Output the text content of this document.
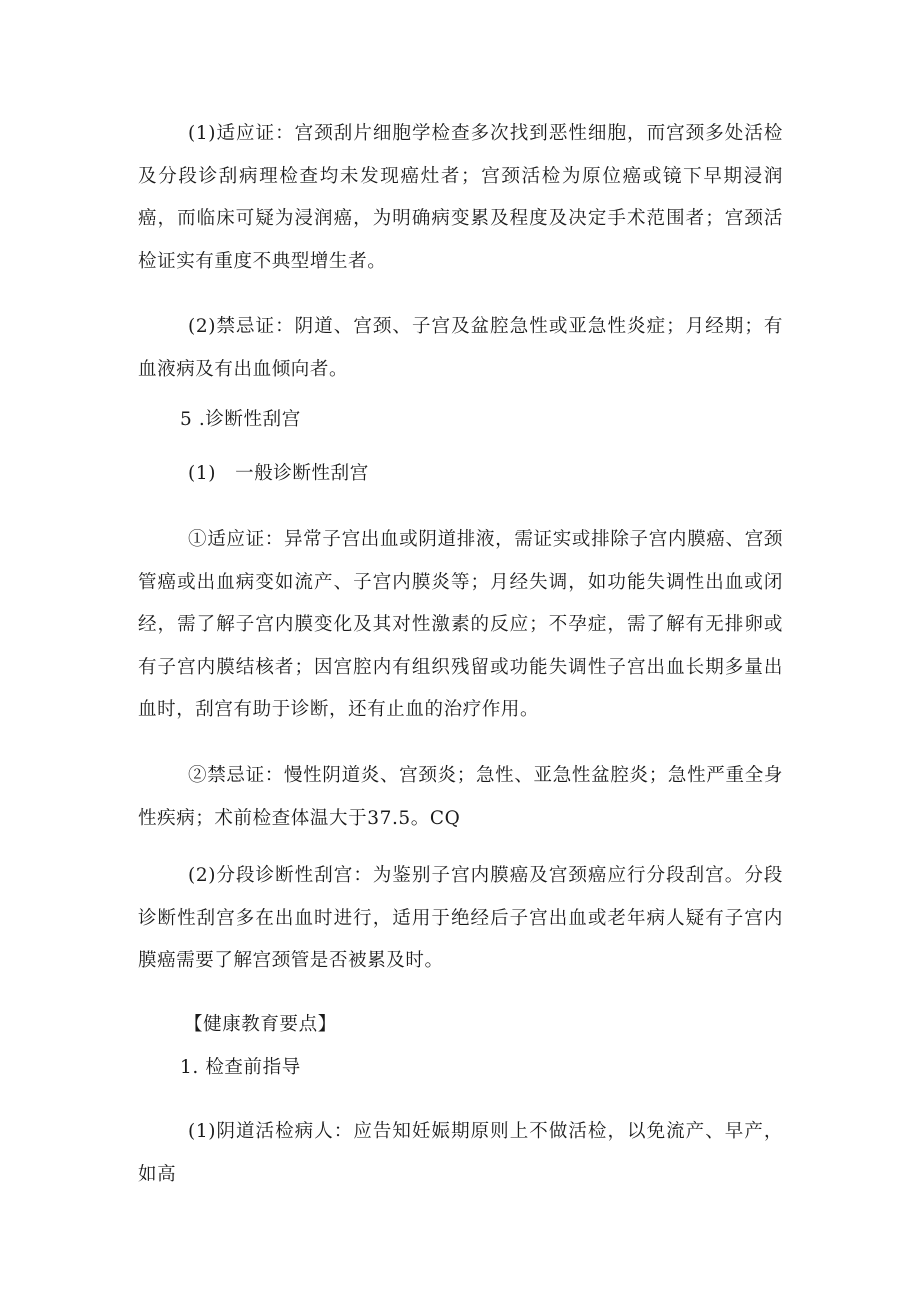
(1)适应证：宫颈刮片细胞学检查多次找到恶性细胞，而宫颈多处活检及分段诊刮病理检查均未发现癌灶者；宫颈活检为原位癌或镜下早期浸润癌，而临床可疑为浸润癌，为明确病变累及程度及决定手术范围者；宫颈活检证实有重度不典型增生者。

(2)禁忌证：阴道、宫颈、子宫及盆腔急性或亚急性炎症；月经期；有血液病及有出血倾向者。

5 .诊断性刮宫

(1)　一般诊断性刮宫

①适应证：异常子宫出血或阴道排液，需证实或排除子宫内膜癌、宫颈管癌或出血病变如流产、子宫内膜炎等；月经失调，如功能失调性出血或闭经，需了解子宫内膜变化及其对性激素的反应；不孕症，需了解有无排卵或有子宫内膜结核者；因宫腔内有组织残留或功能失调性子宫出血长期多量出血时，刮宫有助于诊断，还有止血的治疗作用。

②禁忌证：慢性阴道炎、宫颈炎；急性、亚急性盆腔炎；急性严重全身性疾病；术前检查体温大于37.5。CQ

(2)分段诊断性刮宫：为鉴别子宫内膜癌及宫颈癌应行分段刮宫。分段诊断性刮宫多在出血时进行，适用于绝经后子宫出血或老年病人疑有子宫内膜癌需要了解宫颈管是否被累及时。

【健康教育要点】

1. 检查前指导

(1)阴道活检病人：应告知妊娠期原则上不做活检，以免流产、早产，如高
